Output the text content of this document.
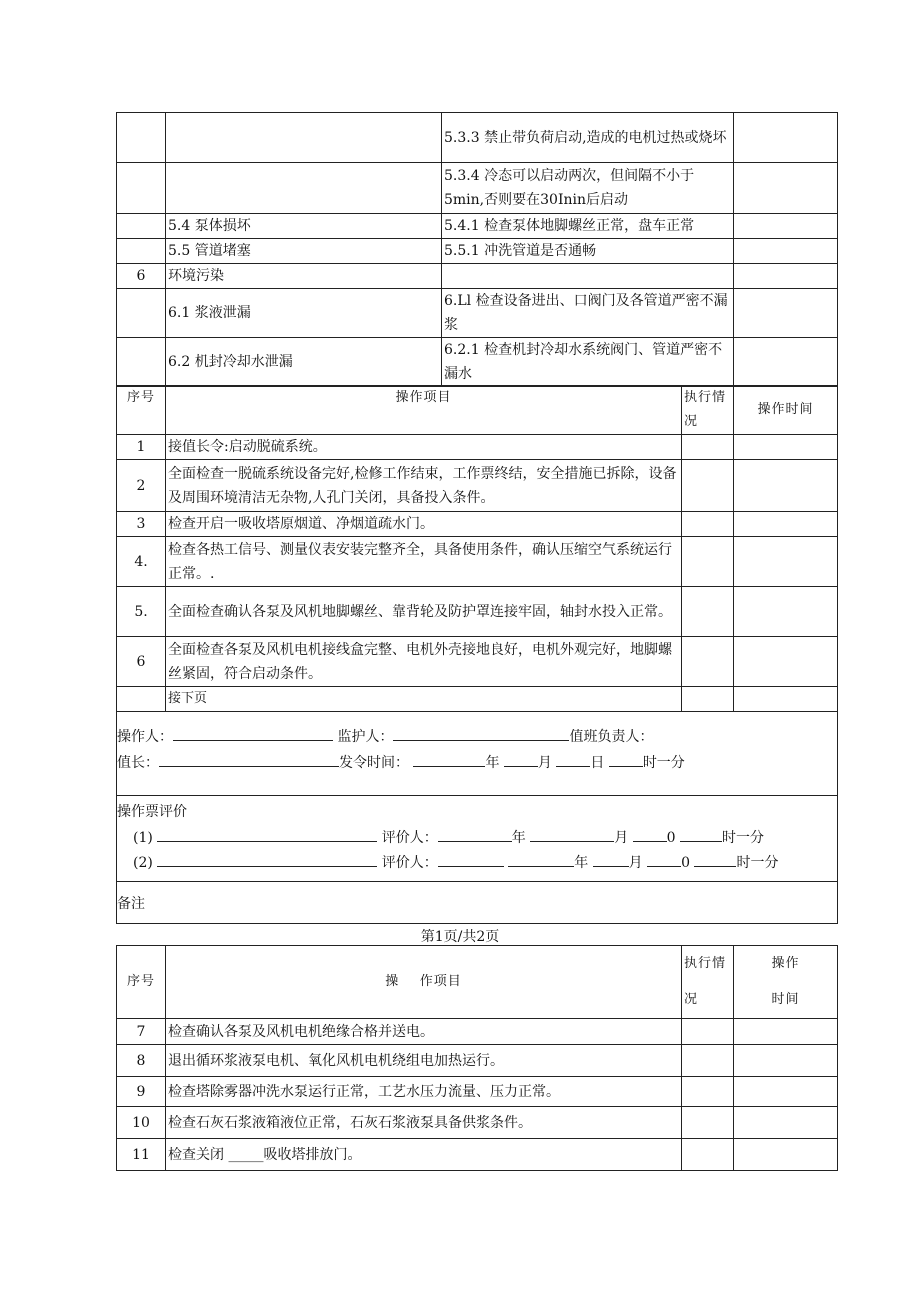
		5.3.3 禁止带负荷启动,造成的电机过热或烧坏	
		5.3.4 冷态可以启动两次，但间隔不小于5min,否则要在30Inin后启动	
	5.4 泵体损坏	5.4.1 检查泵体地脚螺丝正常，盘车正常	
	5.5 管道堵塞	5.5.1 冲洗管道是否通畅	
6	环境污染		
	6.1 浆液泄漏	6.Ll 检查设备进出、口阀门及各管道严密不漏浆	
	6.2 机封冷却水泄漏	6.2.1 检查机封冷却水系统阀门、管道严密不漏水	
序号	操作项目	执行情况	操作时间
1	接值长令:启动脱硫系统。		
2	全面检查一脱硫系统设备完好,检修工作结束，工作票终结，安全措施已拆除，设备及周围环境清洁无杂物,人孔门关闭，具备投入条件。		
3	检查开启一吸收塔原烟道、净烟道疏水门。		
4.	检查各热工信号、测量仪表安装完整齐全，具备使用条件，确认压缩空气系统运行正常。.		
5.	全面检查确认各泵及风机地脚螺丝、靠背轮及防护罩连接牢固，轴封水投入正常。		
6	全面检查各泵及风机电机接线盒完整、电机外壳接地良好，电机外观完好，地脚螺丝紧固，符合启动条件。		
	接下页		
操作人：	监护人：	值班负责人：
值长：	发令时间：	年	月	日	时一分
操作票评价
(1)	评价人：	年	月	0	时一分
(2)	评价人：	年	月	0	时一分
备注
第1页/共2页
序号	操    作项目	执行情况	操作
时间

7	检查确认各泵及风机电机绝缘合格并送电。		
8	退出循环浆液泵电机、氧化风机电机绕组电加热运行。		
9	检查塔除雾器冲洗水泵运行正常，工艺水压力流量、压力正常。		
10	检查石灰石浆液箱液位正常，石灰石浆液泵具备供浆条件。		
11	检查关闭 _____吸收塔排放门。		
